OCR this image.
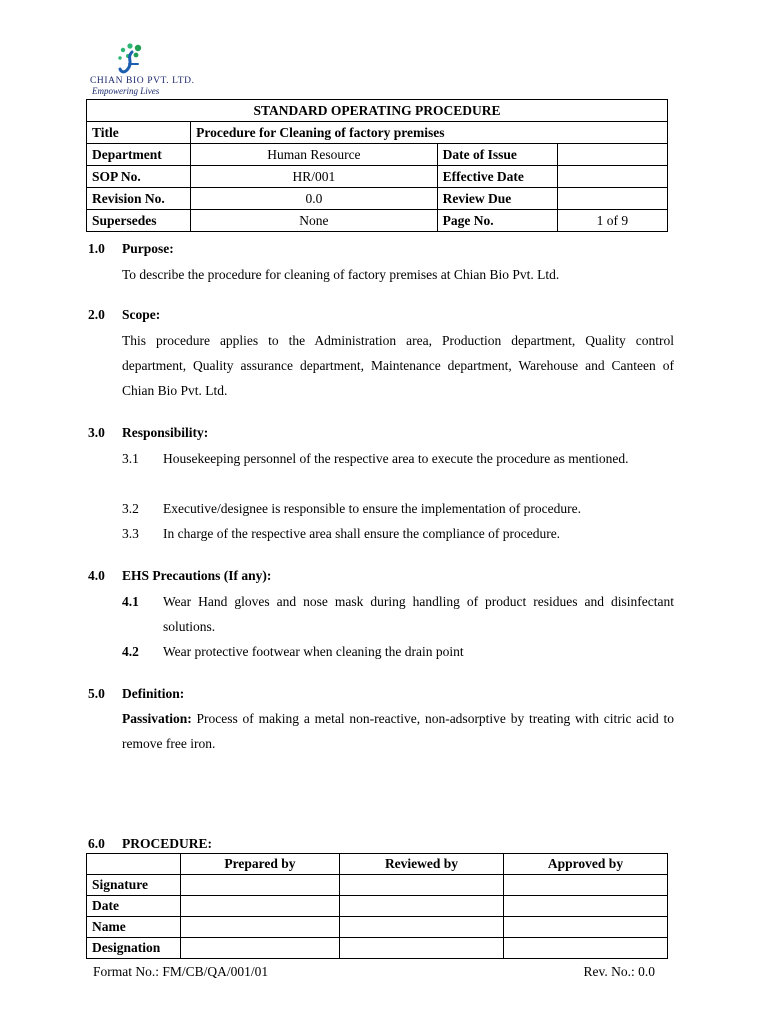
CHIAN BIO PVT. LTD.
Empowering Lives
STANDARD OPERATING PROCEDURE			
Title	Procedure for Cleaning of factory premises		
Department	Human Resource	Date of Issue	
SOP No.	HR/001	Effective Date	
Revision No.	0.0	Review Due	
Supersedes	None	Page No.	1 of 9
1.0 Purpose:
To describe the procedure for cleaning of factory premises at Chian Bio Pvt. Ltd.
2.0 Scope:
This procedure applies to the Administration area, Production department, Quality control department, Quality assurance department, Maintenance department, Warehouse and Canteen of Chian Bio Pvt. Ltd.
3.0 Responsibility:
3.1 Housekeeping personnel of the respective area to execute the procedure as mentioned.
3.2 Executive/designee is responsible to ensure the implementation of procedure.
3.3 In charge of the respective area shall ensure the compliance of procedure.
4.0 EHS Precautions (If any):
4.1 Wear Hand gloves and nose mask during handling of product residues and disinfectant solutions.
4.2 Wear protective footwear when cleaning the drain point
5.0 Definition:
Passivation: Process of making a metal non-reactive, non-adsorptive by treating with citric acid to remove free iron.
6.0 PROCEDURE:
	Prepared by	Reviewed by	Approved by
Signature			
Date			
Name			
Designation			
Format No.: FM/CB/QA/001/01	Rev. No.: 0.0
